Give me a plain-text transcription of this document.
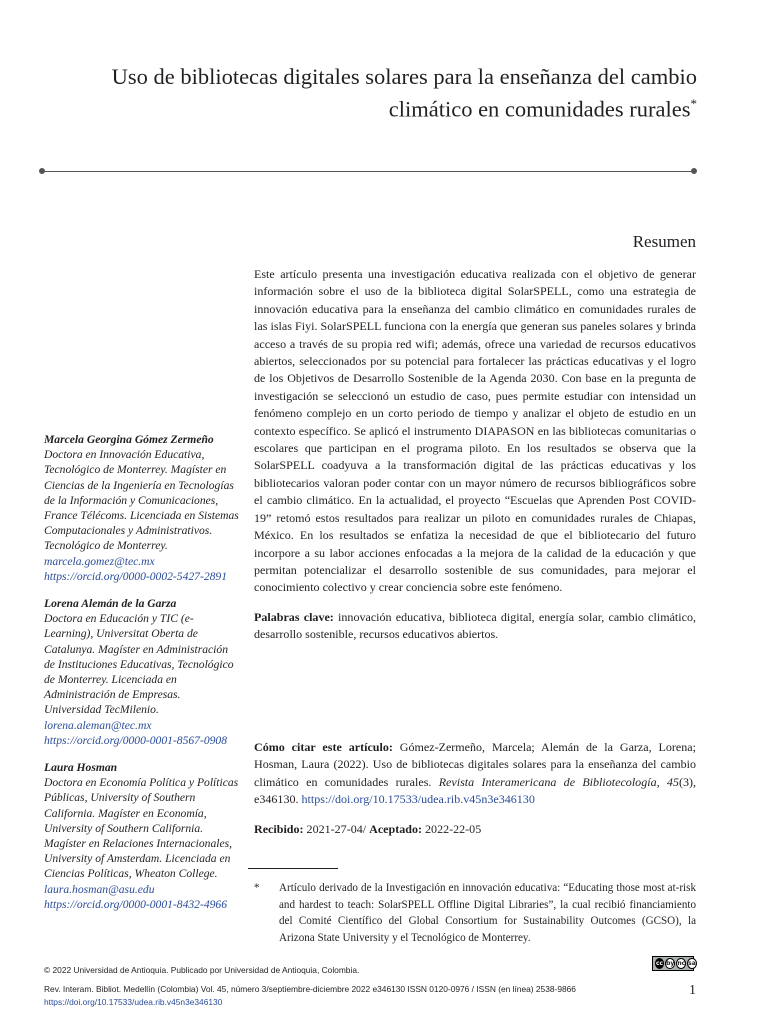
Uso de bibliotecas digitales solares para la enseñanza del cambio
climático en comunidades rurales*
Resumen

Este artículo presenta una investigación educativa realizada con el objetivo de generar información sobre el uso de la biblioteca digital SolarSPELL, como una estrategia de innovación educativa para la enseñanza del cambio climático en comunidades rurales de las islas Fiyi. SolarSPELL funciona con la energía que generan sus paneles solares y brinda acceso a través de su propia red wifi; además, ofrece una variedad de recursos educativos abiertos, seleccionados por su potencial para fortalecer las prácticas educativas y el logro de los Objetivos de Desarrollo Sostenible de la Agenda 2030. Con base en la pregunta de investigación se seleccionó un estudio de caso, pues permite estudiar con intensidad un fenómeno complejo en un corto periodo de tiempo y analizar el objeto de estudio en un contexto específico. Se aplicó el instrumento DIAPASON en las bibliotecas comunitarias o escolares que participan en el programa piloto. En los resultados se observa que la SolarSPELL coadyuva a la transformación digital de las prácticas educativas y los bibliotecarios valoran poder contar con un mayor número de recursos bibliográficos sobre el cambio climático. En la actualidad, el proyecto “Escuelas que Aprenden Post COVID-19” retomó estos resultados para realizar un piloto en comunidades rurales de Chiapas, México. En los resultados se enfatiza la necesidad de que el bibliotecario del futuro incorpore a su labor acciones enfocadas a la mejora de la calidad de la educación y que permitan potencializar el desarrollo sostenible de sus comunidades, para mejorar el conocimiento colectivo y crear conciencia sobre este fenómeno.

Palabras clave: innovación educativa, biblioteca digital, energía solar, cambio climático, desarrollo sostenible, recursos educativos abiertos.

Cómo citar este artículo: Gómez-Zermeño, Marcela; Alemán de la Garza, Lorena; Hosman, Laura (2022). Uso de bibliotecas digitales solares para la enseñanza del cambio climático en comunidades rurales. Revista Interamericana de Bibliotecología, 45(3), e346130. https://doi.org/10.17533/udea.rib.v45n3e346130

Recibido: 2021-27-04/ Aceptado: 2022-22-05

* Artículo derivado de la Investigación en innovación educativa: “Educating those most at-risk and hardest to teach: SolarSPELL Offline Digital Libraries”, la cual recibió financiamiento del Comité Científico del Global Consortium for Sustainability Outcomes (GCSO), la Arizona State University y el Tecnológico de Monterrey.
Marcela Georgina Gómez Zermeño
Doctora en Innovación Educativa, Tecnológico de Monterrey. Magíster en Ciencias de la Ingeniería en Tecnologías de la Información y Comunicaciones, France Télécoms. Licenciada en Sistemas Computacionales y Administrativos. Tecnológico de Monterrey.
marcela.gomez@tec.mx
https://orcid.org/0000-0002-5427-2891
Lorena Alemán de la Garza
Doctora en Educación y TIC (e-Learning), Universitat Oberta de Catalunya. Magíster en Administración de Instituciones Educativas, Tecnológico de Monterrey. Licenciada en Administración de Empresas. Universidad TecMilenio.
lorena.aleman@tec.mx
https://orcid.org/0000-0001-8567-0908
Laura Hosman
Doctora en Economía Política y Políticas Públicas, University of Southern California. Magíster en Economía, University of Southern California. Magíster en Relaciones Internacionales, University of Amsterdam. Licenciada en Ciencias Políticas, Wheaton College.
laura.hosman@asu.edu
https://orcid.org/0000-0001-8432-4966
cc by nc sa
© 2022 Universidad de Antioquia. Publicado por Universidad de Antioquia, Colombia.
Rev. Interam. Bibliot. Medellín (Colombia) Vol. 45, número 3/septiembre-diciembre 2022 e346130 ISSN 0120-0976 / ISSN (en línea) 2538-9866
https://doi.org/10.17533/udea.rib.v45n3e346130
1
